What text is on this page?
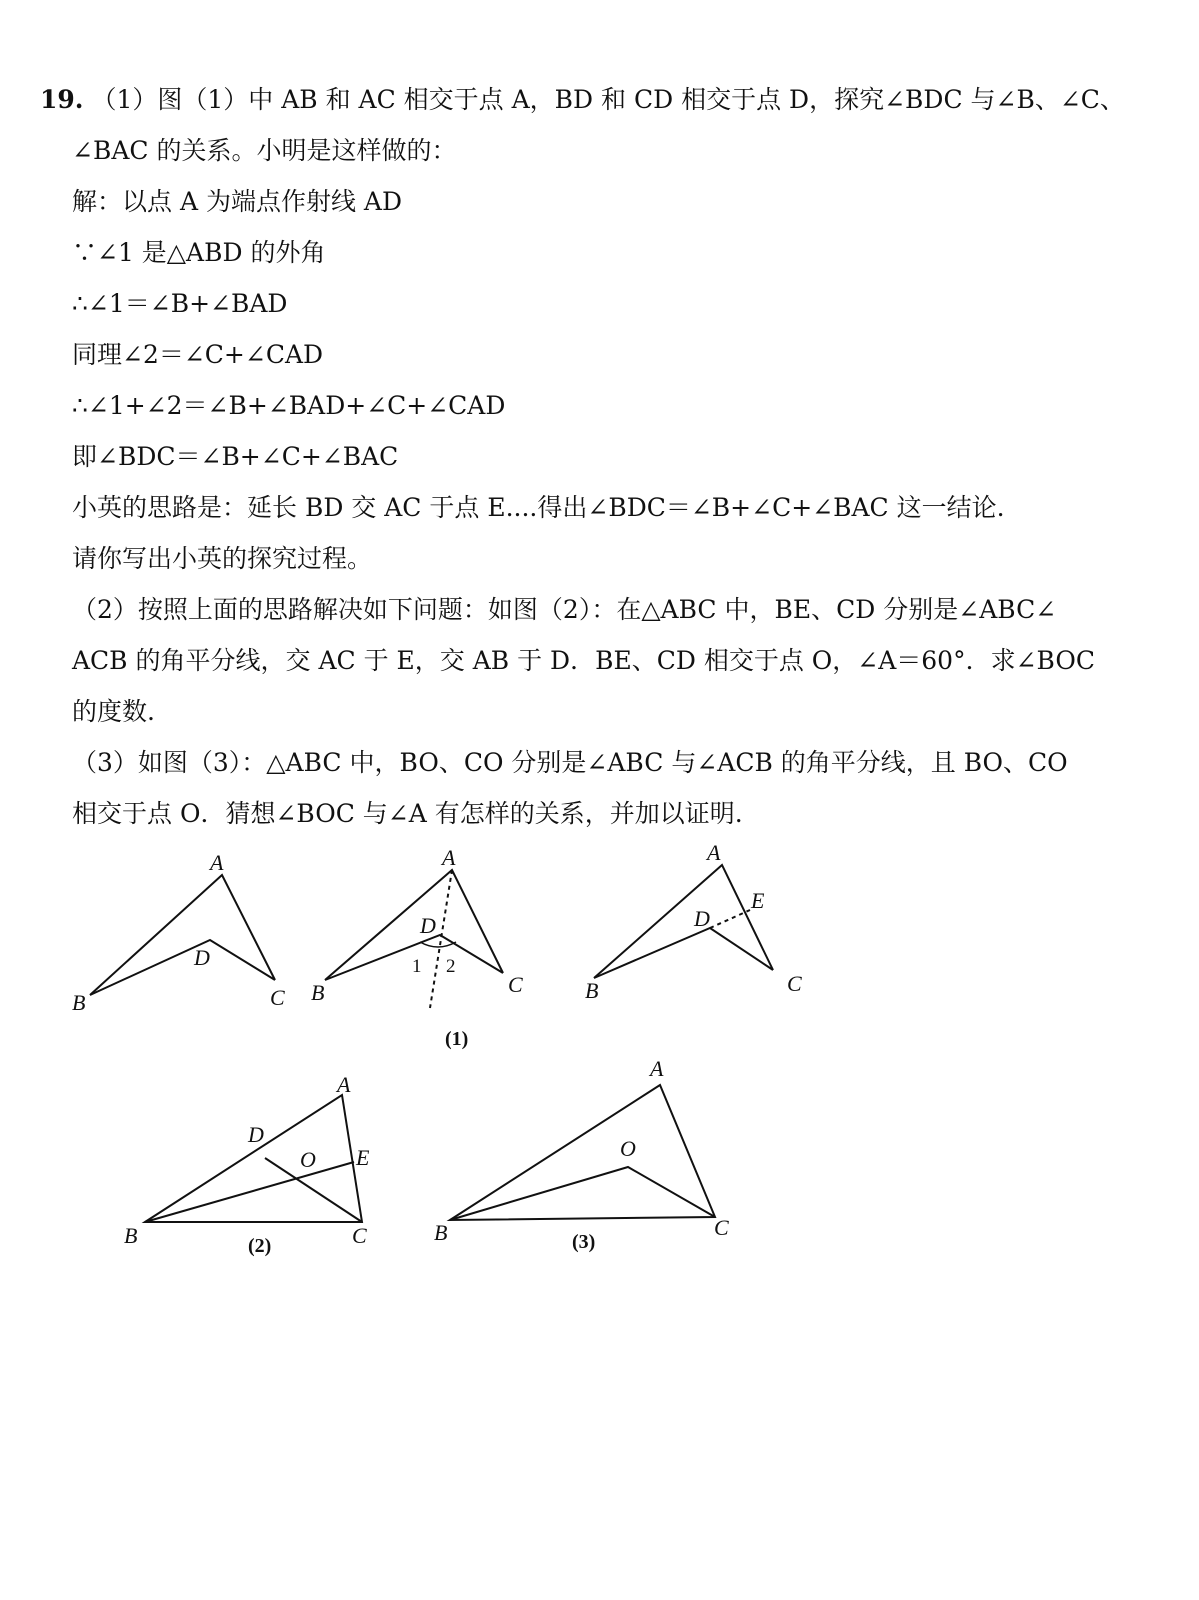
19. （1）图（1）中 AB 和 AC 相交于点 A，BD 和 CD 相交于点 D，探究∠BDC 与∠B、∠C、
∠BAC 的关系。小明是这样做的：
解：以点 A 为端点作射线 AD
∵∠1 是△ABD 的外角
∴∠1＝∠B+∠BAD
同理∠2＝∠C+∠CAD
∴∠1+∠2＝∠B+∠BAD+∠C+∠CAD
即∠BDC＝∠B+∠C+∠BAC
小英的思路是：延长 BD 交 AC 于点 E....得出∠BDC＝∠B+∠C+∠BAC 这一结论.
请你写出小英的探究过程。
（2）按照上面的思路解决如下问题：如图（2）：在△ABC 中，BE、CD 分别是∠ABC∠
ACB 的角平分线，交 AC 于 E，交 AB 于 D．BE、CD 相交于点 O，∠A＝60°．求∠BOC
的度数.
（3）如图（3）：△ABC 中，BO、CO 分别是∠ABC 与∠ACB 的角平分线，且 BO、CO
相交于点 O．猜想∠BOC 与∠A 有怎样的关系，并加以证明.
A
B	C
D
A
B	C
D
1 2
A
B	C
D
E
(1)
A
B	C
D
E
O
(2)
A
B	C
O
(3)
